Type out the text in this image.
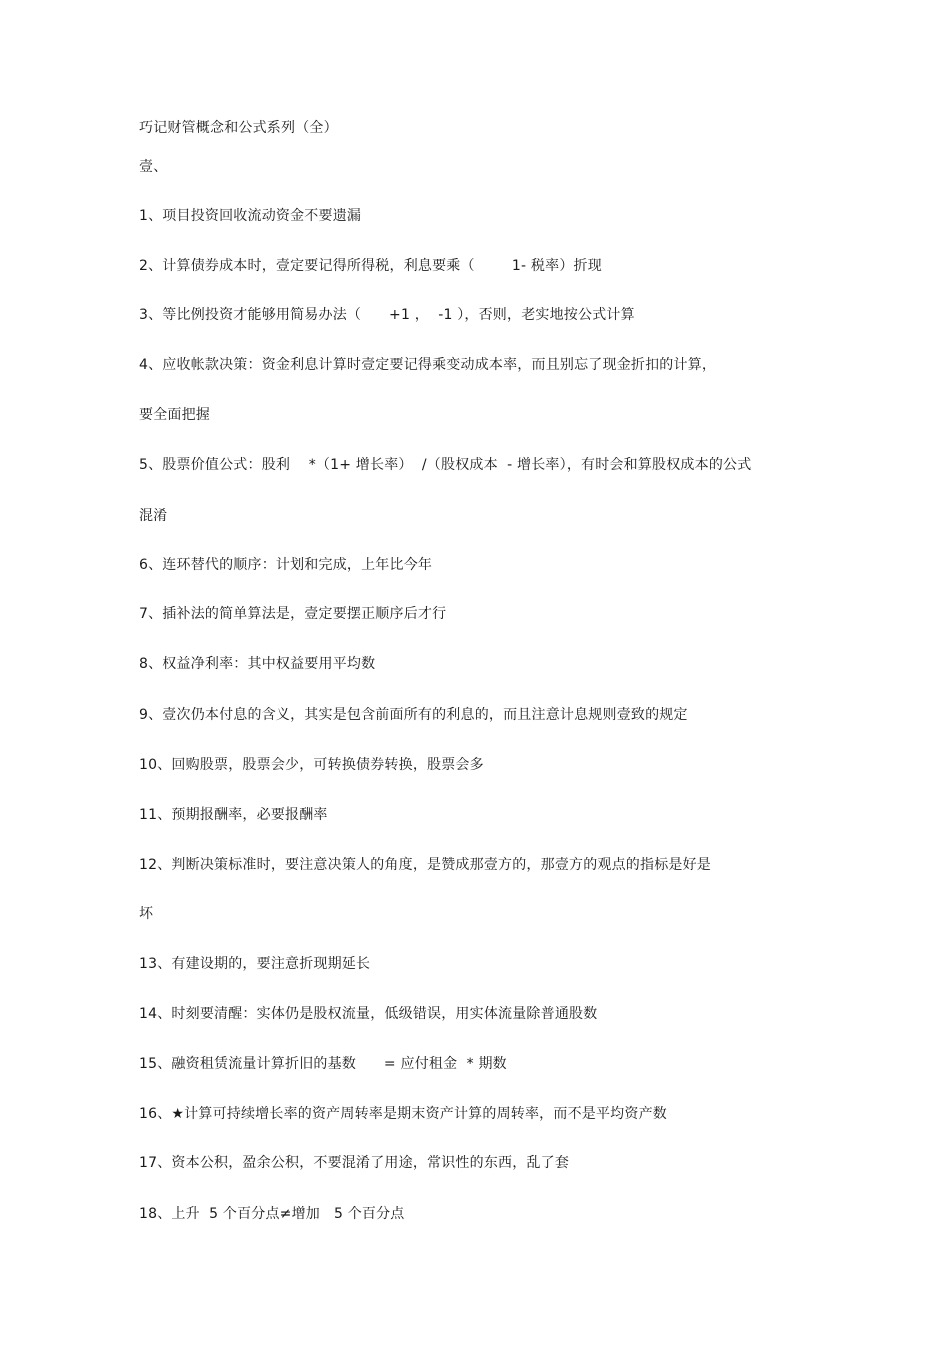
巧记财管概念和公式系列（全）
壹、
1、项目投资回收流动资金不要遗漏
2、计算债券成本时，壹定要记得所得税，利息要乘（        1- 税率）折现
3、等比例投资才能够用简易办法（      +1 ，  -1 ），否则，老实地按公式计算
4、应收帐款决策：资金利息计算时壹定要记得乘变动成本率，而且别忘了现金折扣的计算，
要全面把握
5、股票价值公式：股利    *（1+ 增长率）  /（股权成本  - 增长率），有时会和算股权成本的公式
混淆
6、连环替代的顺序：计划和完成，上年比今年
7、插补法的简单算法是，壹定要摆正顺序后才行
8、权益净利率：其中权益要用平均数
9、壹次仍本付息的含义，其实是包含前面所有的利息的，而且注意计息规则壹致的规定
10、回购股票，股票会少，可转换债券转换，股票会多
11、预期报酬率，必要报酬率
12、判断决策标准时，要注意决策人的角度，是赞成那壹方的，那壹方的观点的指标是好是
坏
13、有建设期的，要注意折现期延长
14、时刻要清醒：实体仍是股权流量，低级错误，用实体流量除普通股数
15、融资租赁流量计算折旧的基数      = 应付租金  * 期数
16、★计算可持续增长率的资产周转率是期末资产计算的周转率，而不是平均资产数
17、资本公积，盈余公积，不要混淆了用途，常识性的东西，乱了套
18、上升  5 个百分点≠增加   5 个百分点
